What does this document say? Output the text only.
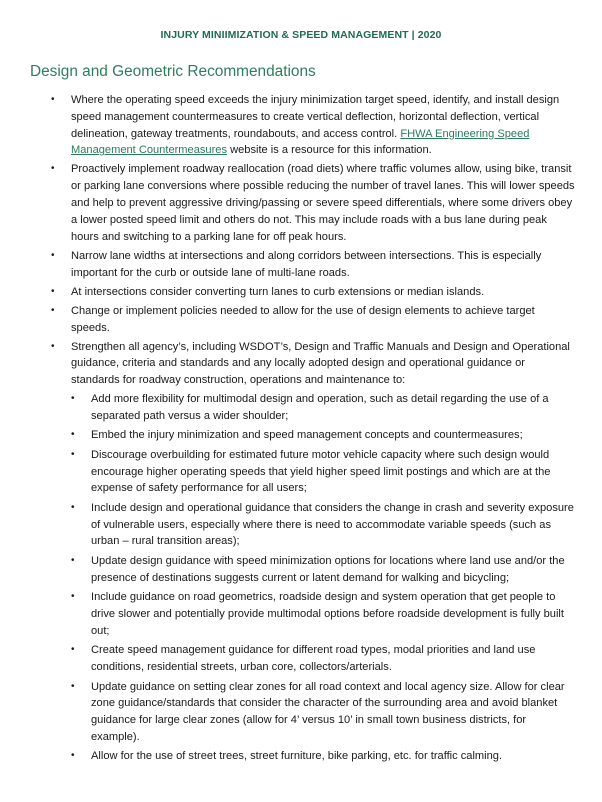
INJURY MINIIMIZATION & SPEED MANAGEMENT | 2020
Design and Geometric Recommendations
• Where the operating speed exceeds the injury minimization target speed, identify, and install design speed management countermeasures to create vertical deflection, horizontal deflection, vertical delineation, gateway treatments, roundabouts, and access control. FHWA Engineering Speed Management Countermeasures website is a resource for this information.
• Proactively implement roadway reallocation (road diets) where traffic volumes allow, using bike, transit or parking lane conversions where possible reducing the number of travel lanes. This will lower speeds and help to prevent aggressive driving/passing or severe speed differentials, where some drivers obey a lower posted speed limit and others do not. This may include roads with a bus lane during peak hours and switching to a parking lane for off peak hours.
• Narrow lane widths at intersections and along corridors between intersections. This is especially important for the curb or outside lane of multi-lane roads.
• At intersections consider converting turn lanes to curb extensions or median islands.
• Change or implement policies needed to allow for the use of design elements to achieve target speeds.
• Strengthen all agency’s, including WSDOT’s, Design and Traffic Manuals and Design and Operational guidance, criteria and standards and any locally adopted design and operational guidance or standards for roadway construction, operations and maintenance to:
• Add more flexibility for multimodal design and operation, such as detail regarding the use of a separated path versus a wider shoulder;
• Embed the injury minimization and speed management concepts and countermeasures;
• Discourage overbuilding for estimated future motor vehicle capacity where such design would encourage higher operating speeds that yield higher speed limit postings and which are at the expense of safety performance for all users;
• Include design and operational guidance that considers the change in crash and severity exposure of vulnerable users, especially where there is need to accommodate variable speeds (such as urban – rural transition areas);
• Update design guidance with speed minimization options for locations where land use and/or the presence of destinations suggests current or latent demand for walking and bicycling;
• Include guidance on road geometrics, roadside design and system operation that get people to drive slower and potentially provide multimodal options before roadside development is fully built out;
• Create speed management guidance for different road types, modal priorities and land use conditions, residential streets, urban core, collectors/arterials.
• Update guidance on setting clear zones for all road context and local agency size. Allow for clear zone guidance/standards that consider the character of the surrounding area and avoid blanket guidance for large clear zones (allow for 4’ versus 10’ in small town business districts, for example).
• Allow for the use of street trees, street furniture, bike parking, etc. for traffic calming.
